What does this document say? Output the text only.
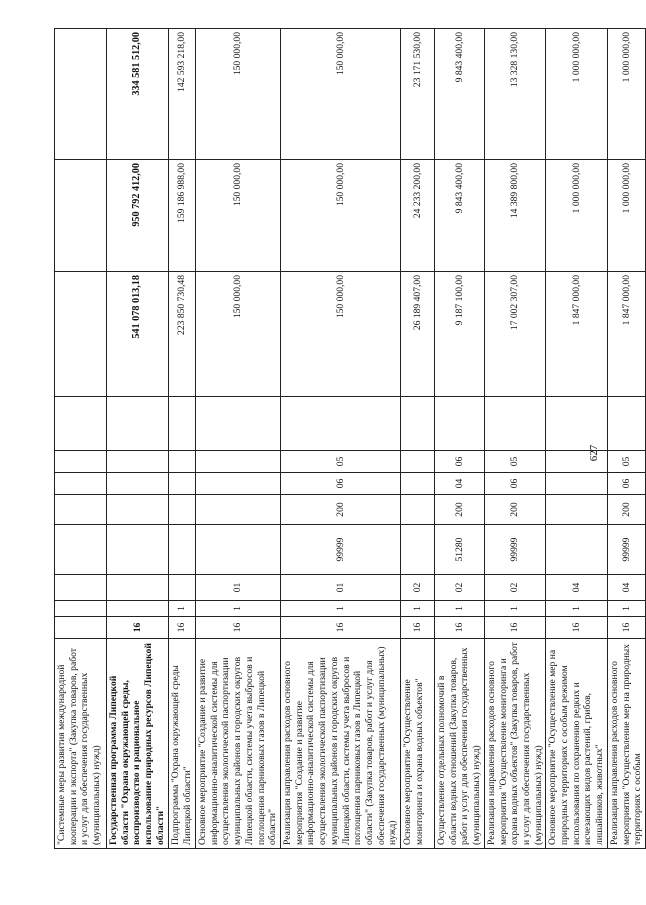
627
"Системные меры развития международной кооперации и экспорта" (Закупка товаров, работ и услуг для обеспечения государственных (муниципальных) нужд)											
Государственная программа Липецкой области "Охрана окружающей среды, воспроизводство и рациональное использование природных ресурсов Липецкой области"	16								541 078 013,18	950 792 412,00	334 581 512,00
Подпрограмма "Охрана окружающей среды Липецкой области"	16	1							223 850 730,48	159 186 988,00	142 593 218,00
Основное мероприятие "Создание и развитие информационно-аналитической системы для осуществления экологической паспортизации муниципальных районов и городских округов Липецкой области, системы учета выбросов и поглощения парниковых газов в Липецкой области"	16	1	01						150 000,00	150 000,00	150 000,00
Реализация направления расходов основного мероприятия "Создание и развитие информационно-аналитической системы для осуществления экологической паспортизации муниципальных районов и городских округов Липецкой области, системы учета выбросов и поглощения парниковых газов в Липецкой области" (Закупка товаров, работ и услуг для обеспечения государственных (муниципальных) нужд)	16	1	01	99999	200	06	05		150 000,00	150 000,00	150 000,00
Основное мероприятие "Осуществление мониторинга и охрана водных объектов"	16	1	02						26 189 407,00	24 233 200,00	23 171 530,00
Осуществление отдельных полномочий в области водных отношений (Закупка товаров, работ и услуг для обеспечения государственных (муниципальных) нужд)	16	1	02	51280	200	04	06		9 187 100,00	9 843 400,00	9 843 400,00
Реализация направления расходов основного мероприятия "Осуществление мониторинга и охрана водных объектов" (Закупка товаров, работ и услуг для обеспечения государственных (муниципальных) нужд)	16	1	02	99999	200	06	05		17 002 307,00	14 389 800,00	13 328 130,00
Основное мероприятие "Осуществление мер на природных территориях с особым режимом использования по сохранению редких и исчезающих видов растений, грибов, лишайников, животных"	16	1	04						1 847 000,00	1 000 000,00	1 000 000,00
Реализация направления расходов основного мероприятия "Осуществление мер на природных территориях с особым	16	1	04	99999	200	06	05		1 847 000,00	1 000 000,00	1 000 000,00
